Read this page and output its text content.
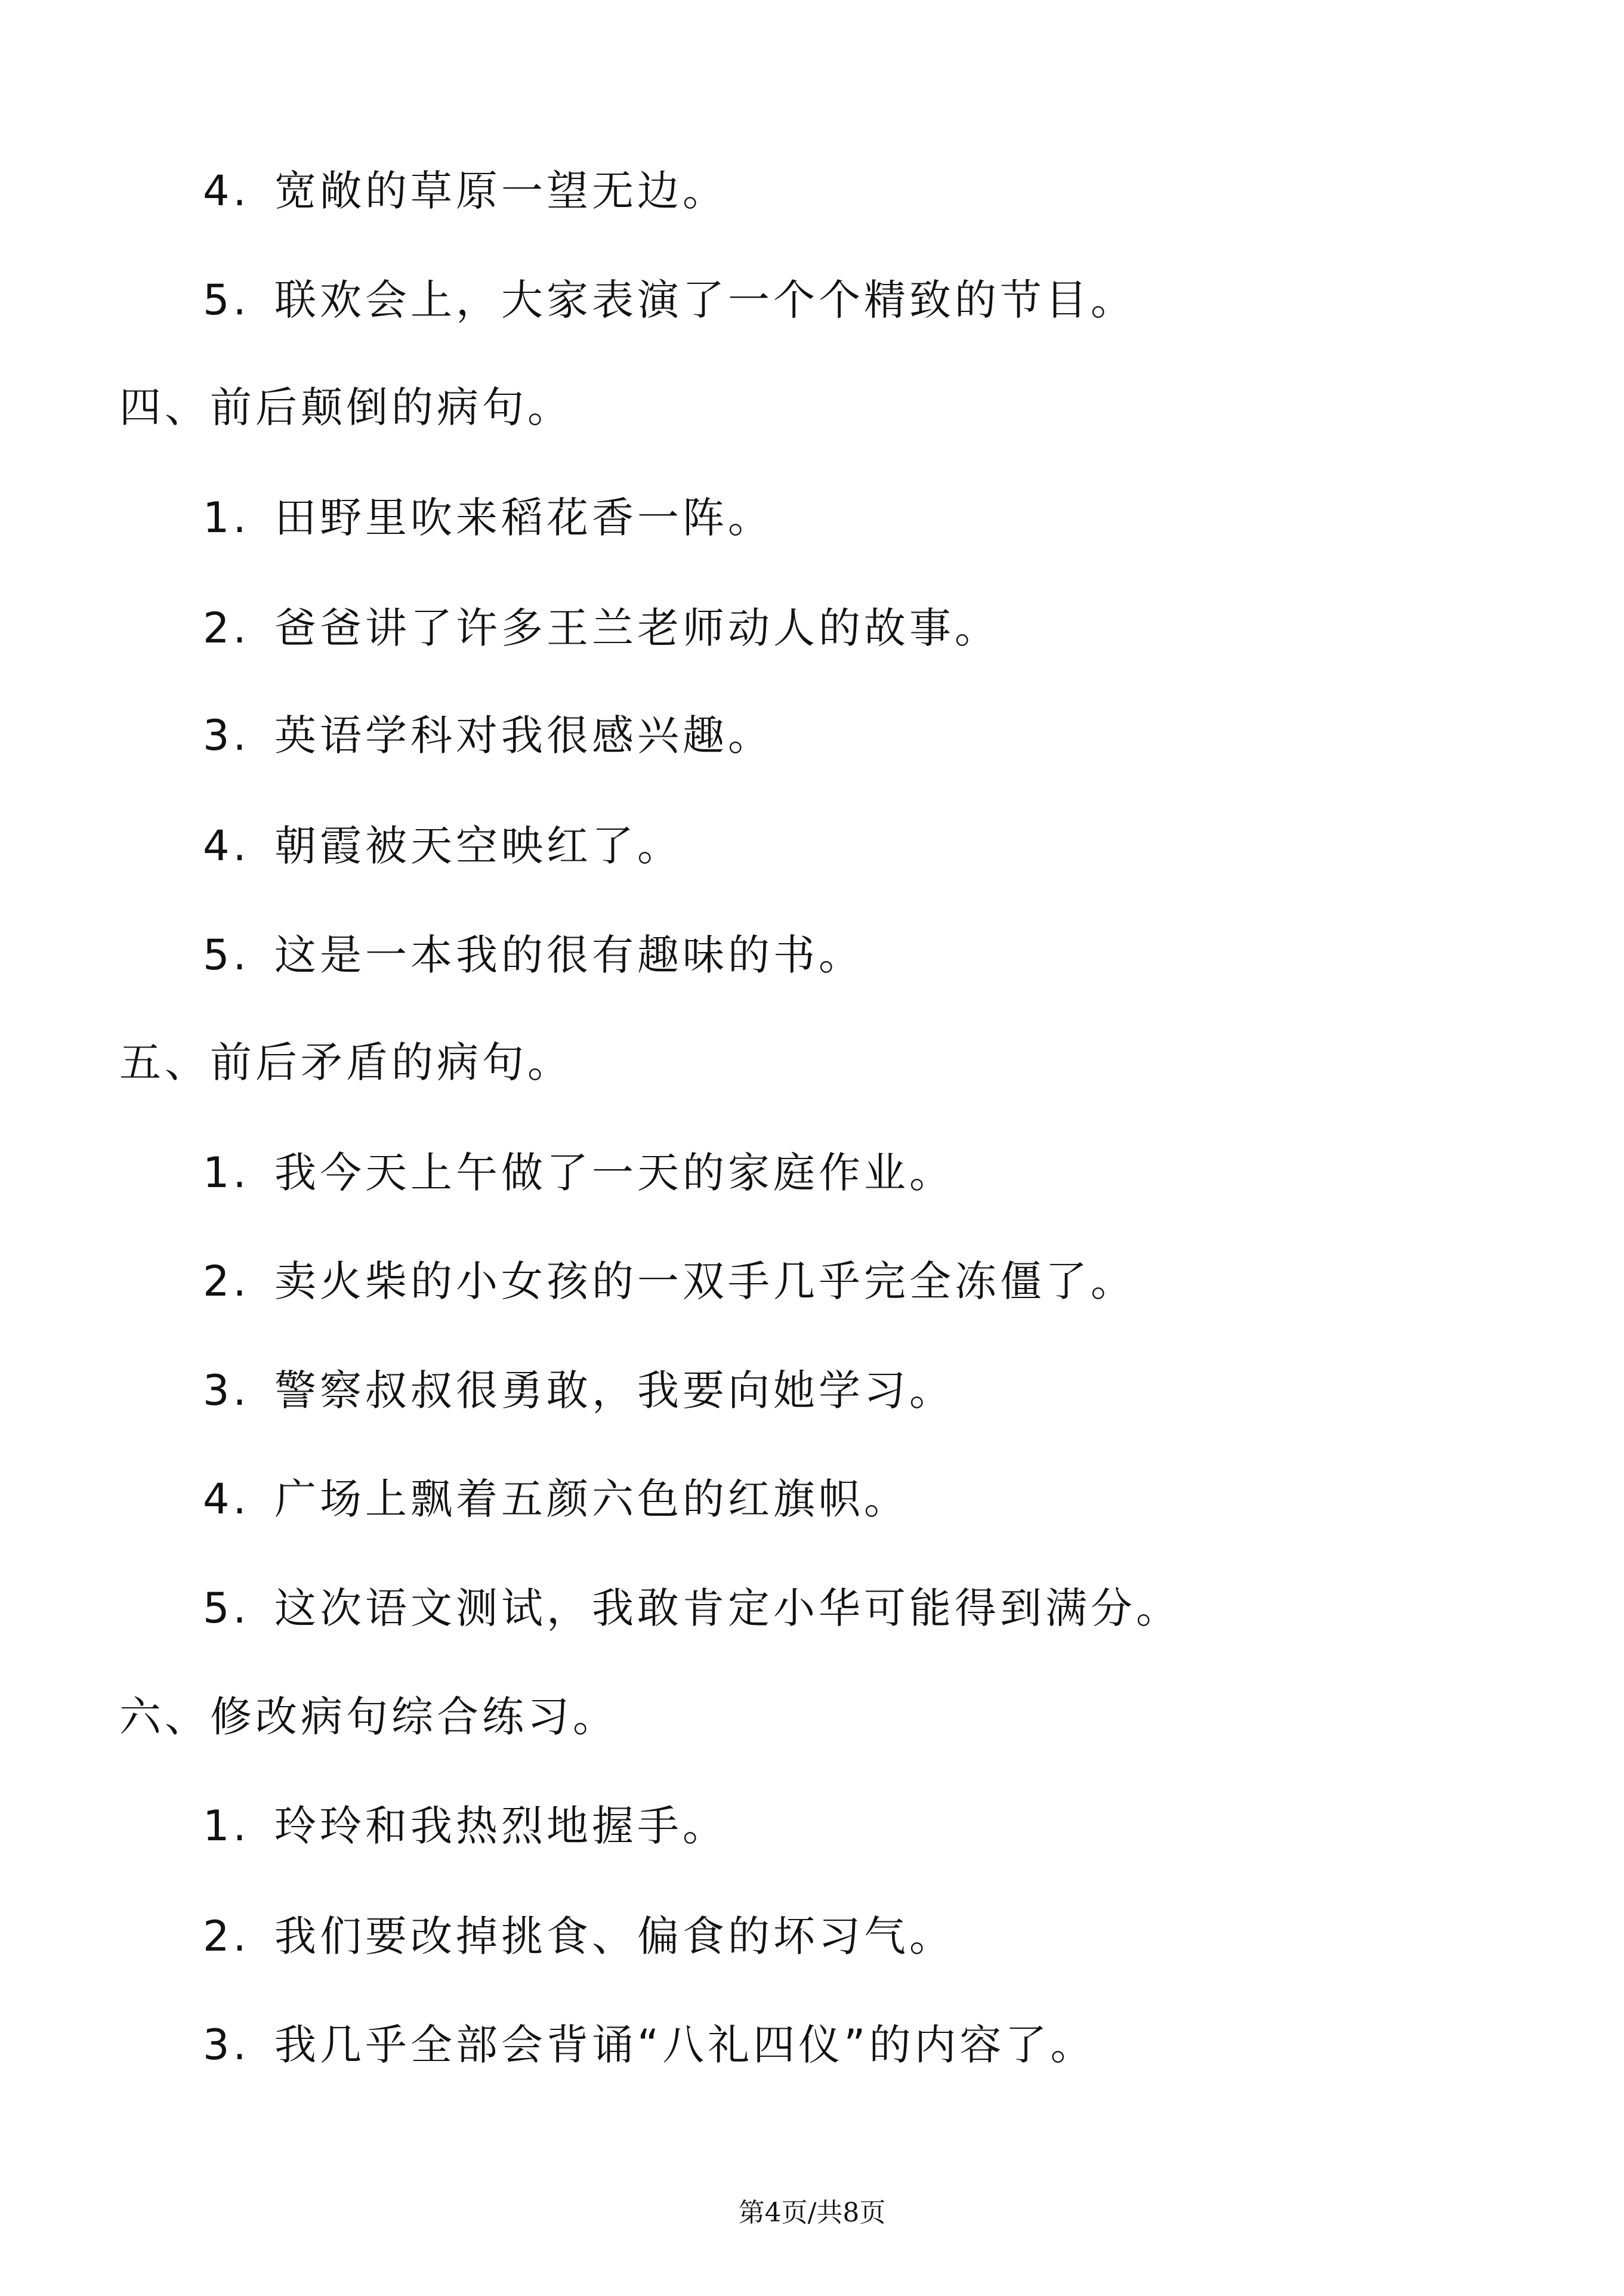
4. 宽敞的草原一望无边。
5. 联欢会上，大家表演了一个个精致的节目。
四、前后颠倒的病句。
1. 田野里吹来稻花香一阵。
2. 爸爸讲了许多王兰老师动人的故事。
3. 英语学科对我很感兴趣。
4. 朝霞被天空映红了。
5. 这是一本我的很有趣味的书。
五、前后矛盾的病句。
1. 我今天上午做了一天的家庭作业。
2. 卖火柴的小女孩的一双手几乎完全冻僵了。
3. 警察叔叔很勇敢，我要向她学习。
4. 广场上飘着五颜六色的红旗帜。
5. 这次语文测试，我敢肯定小华可能得到满分。
六、修改病句综合练习。
1. 玲玲和我热烈地握手。
2. 我们要改掉挑食、偏食的坏习气。
3. 我几乎全部会背诵“八礼四仪”的内容了。
第4页/共8页
